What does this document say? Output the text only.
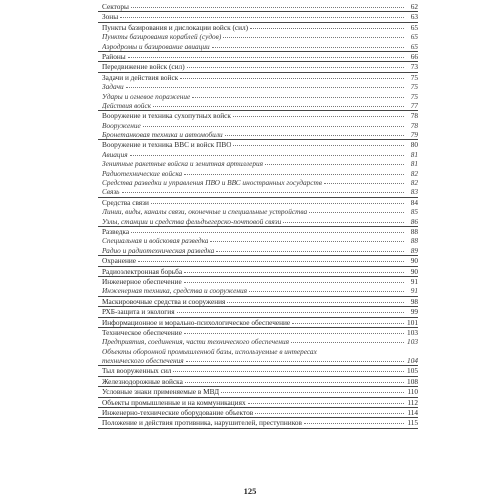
Секторы	62
Зоны	63
Пункты базирования и дислокации войск (сил)	65
Пункты базирования кораблей (судов)	65
Аэродромы и базирование авиации	65
Районы	66
Передвижение войск (сил)	73
Задачи и действия войск	75
Задачи	75
Удары и огневое поражение	75
Действия войск	77
Вооружение и техника сухопутных войск	78
Вооружение	78
Бронетанковая техника и автомобили	79
Вооружение и техника ВВС и войск ПВО	80
Авиация	81
Зенитные ракетные войска и зенитная артиллерия	81
Радиотехнические войска	82
Средства разведки и управления ПВО и ВВС иностранных государств	82
Связь	83
Средства связи	84
Линии, виды, каналы связи, оконечные и специальные устройства	85
Узлы, станции и средства фельдъегерско-почтовой связи	86
Разведка	88
Специальная и войсковая разведка	88
Радио и радиотехническая разведка	89
Охранение	90
Радиоэлектронная борьба	90
Инженерное обеспечение	91
Инженерная техника, средства и сооружения	91
Маскировочные средства и сооружения	98
РХБ-защита и экология	99
Информационное и морально-психологическое обеспечение	101
Техническое обеспечение	103
Предприятия, соединения, части технического обеспечения	103
Объекты оборонной промышленной базы, используемые в интересах
технического обеспечения	104
Тыл вооруженных сил	105
Железнодорожные войска	108
Условные знаки применяемые в МВД	110
Объекты промышленные и на коммуникациях	112
Инженерно-технические оборудование объектов	114
Положение и действия противника, нарушителей, преступников	115
125
